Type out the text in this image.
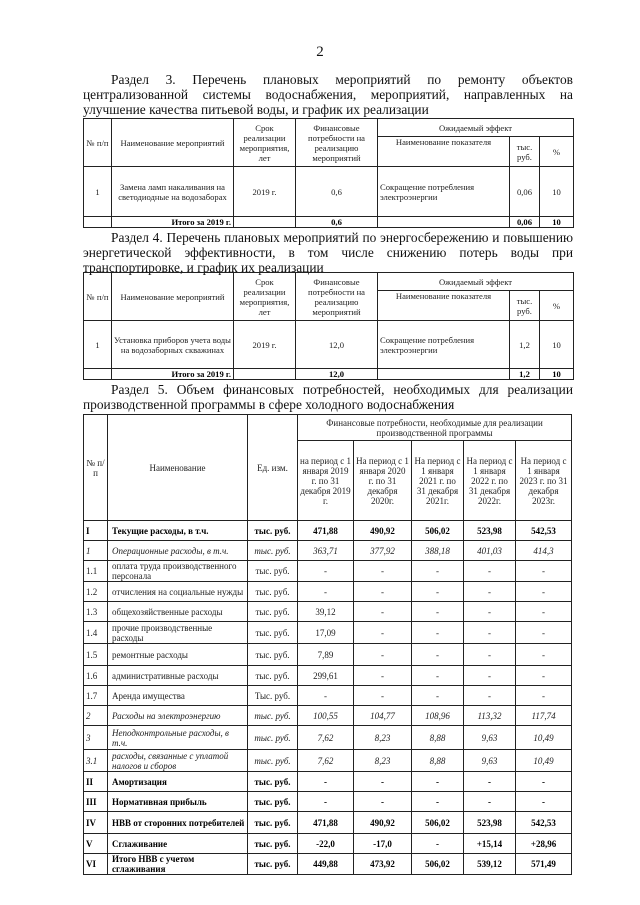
2
Раздел 3. Перечень плановых мероприятий по ремонту объектов централизованной системы водоснабжения, мероприятий, направленных на улучшение качества питьевой воды, и график их реализации
№ п/п	Наименование мероприятий	Срок реализации мероприятия, лет	Финансовые потребности на реализацию мероприятий	Ожидаемый эффект		
				Наименование показателя	тыс. руб.	%
1	Замена ламп накаливания на светодиодные на водозаборах	2019 г.	0,6	Сокращение потребления электроэнергии	0,06	10
	Итого за 2019 г.		0,6		0,06	10
Раздел 4. Перечень плановых мероприятий по энергосбережению и повышению энергетической эффективности, в том числе снижению потерь воды при транспортировке, и график их реализации
№ п/п	Наименование мероприятий	Срок реализации мероприятия, лет	Финансовые потребности на реализацию мероприятий	Ожидаемый эффект		
				Наименование показателя	тыс. руб.	%
1	Установка приборов учета воды на водозаборных скважинах	2019 г.	12,0	Сокращение потребления электроэнергии	1,2	10
	Итого за 2019 г.		12,0		1,2	10
Раздел 5. Объем финансовых потребностей, необходимых для реализации производственной программы в сфере холодного водоснабжения
№ п/п	Наименование	Ед. изм.	Финансовые потребности, необходимые для реализации производственной программы				
			на период с 1 января 2019 г. по 31 декабря 2019 г.	На период с 1 января 2020 г. по 31 декабря 2020г.	На период с 1 января 2021 г. по 31 декабря 2021г.	На период с 1 января 2022 г. по 31 декабря 2022г.	На период с 1 января 2023 г. по 31 декабря 2023г.
I	Текущие расходы, в т.ч.	тыс. руб.	471,88	490,92	506,02	523,98	542,53
1	Операционные расходы, в т.ч.	тыс. руб.	363,71	377,92	388,18	401,03	414,3
1.1	оплата труда производственного персонала	тыс. руб.	-	-	-	-	-
1.2	отчисления на социальные нужды	тыс. руб.	-	-	-	-	-
1.3	общехозяйственные расходы	тыс. руб.	39,12	-	-	-	-
1.4	прочие производственные расходы	тыс. руб.	17,09	-	-	-	-
1.5	ремонтные расходы	тыс. руб.	7,89	-	-	-	-
1.6	административные расходы	тыс. руб.	299,61	-	-	-	-
1.7	Аренда имущества	Тыс. руб.	-	-	-	-	-
2	Расходы на электроэнергию	тыс. руб.	100,55	104,77	108,96	113,32	117,74
3	Неподконтрольные расходы, в т.ч.	тыс. руб.	7,62	8,23	8,88	9,63	10,49
3.1	расходы, связанные с уплатой налогов и сборов	тыс. руб.	7,62	8,23	8,88	9,63	10,49
II	Амортизация	тыс. руб.	-	-	-	-	-
III	Нормативная прибыль	тыс. руб.	-	-	-	-	-
IV	НВВ от сторонних потребителей	тыс. руб.	471,88	490,92	506,02	523,98	542,53
V	Сглаживание	тыс. руб.	-22,0	-17,0	-	+15,14	+28,96
VI	Итого НВВ с учетом сглаживания	тыс. руб.	449,88	473,92	506,02	539,12	571,49
